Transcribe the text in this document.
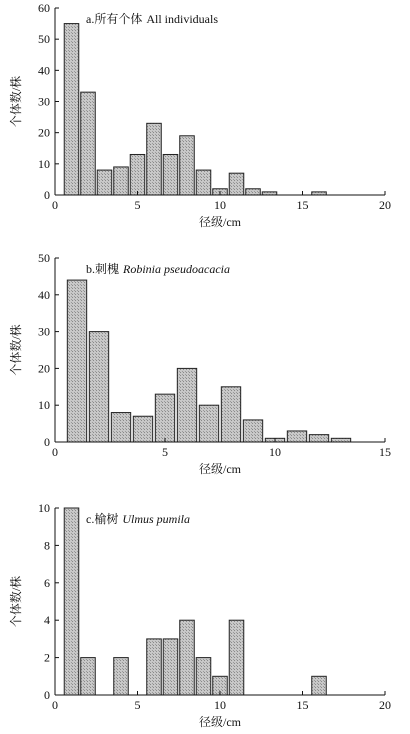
0
10
20
30
40
50
60
0	5	10	15	20
径级/cm
个体数/株
a.所有个体 All individuals
0
10
20
30
40
50
0	5	10	15
径级/cm
个体数/株
b.刺槐 Robinia pseudoacacia
0
2
4
6
8
10
0	5	10	15	20
径级/cm
个体数/株
c.榆树 Ulmus pumila
